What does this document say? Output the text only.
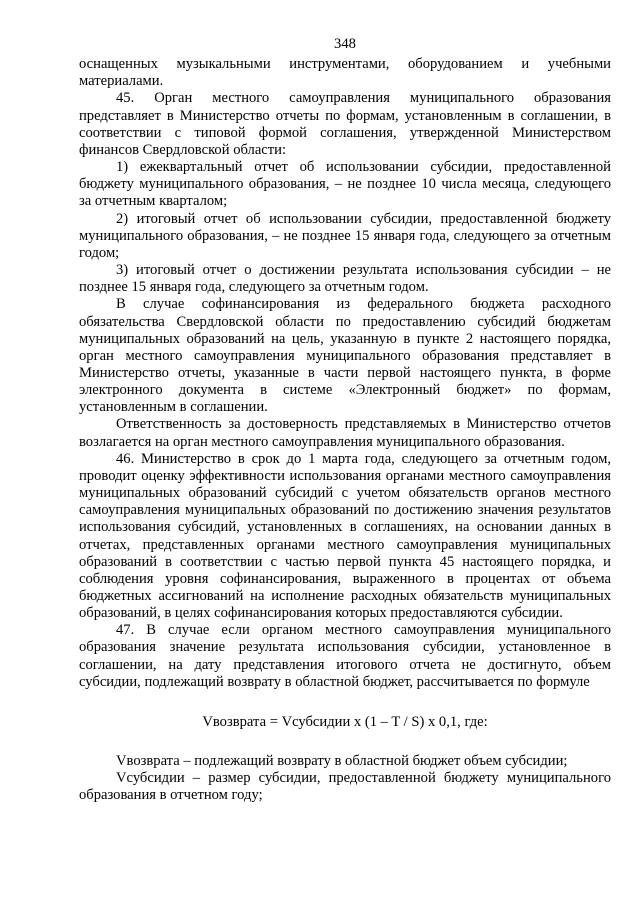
348

оснащенных музыкальными инструментами, оборудованием и учебными материалами.

45. Орган местного самоуправления муниципального образования представляет в Министерство отчеты по формам, установленным в соглашении, в соответствии с типовой формой соглашения, утвержденной Министерством финансов Свердловской области:

1) ежеквартальный отчет об использовании субсидии, предоставленной бюджету муниципального образования, – не позднее 10 числа месяца, следующего за отчетным кварталом;

2) итоговый отчет об использовании субсидии, предоставленной бюджету муниципального образования, – не позднее 15 января года, следующего за отчетным годом;

3) итоговый отчет о достижении результата использования субсидии – не позднее 15 января года, следующего за отчетным годом.

В случае софинансирования из федерального бюджета расходного обязательства Свердловской области по предоставлению субсидий бюджетам муниципальных образований на цель, указанную в пункте 2 настоящего порядка, орган местного самоуправления муниципального образования представляет в Министерство отчеты, указанные в части первой настоящего пункта, в форме электронного документа в системе «Электронный бюджет» по формам, установленным в соглашении.

Ответственность за достоверность представляемых в Министерство отчетов возлагается на орган местного самоуправления муниципального образования.

46. Министерство в срок до 1 марта года, следующего за отчетным годом, проводит оценку эффективности использования органами местного самоуправления муниципальных образований субсидий с учетом обязательств органов местного самоуправления муниципальных образований по достижению значения результатов использования субсидий, установленных в соглашениях, на основании данных в отчетах, представленных органами местного самоуправления муниципальных образований в соответствии с частью первой пункта 45 настоящего порядка, и соблюдения уровня софинансирования, выраженного в процентах от объема бюджетных ассигнований на исполнение расходных обязательств муниципальных образований, в целях софинансирования которых предоставляются субсидии.

47. В случае если органом местного самоуправления муниципального образования значение результата использования субсидии, установленное в соглашении, на дату представления итогового отчета не достигнуто, объем субсидии, подлежащий возврату в областной бюджет, рассчитывается по формуле

Vвозврата = Vсубсидии x (1 – T / S) x 0,1, где:

Vвозврата – подлежащий возврату в областной бюджет объем субсидии;

Vсубсидии – размер субсидии, предоставленной бюджету муниципального образования в отчетном году;
